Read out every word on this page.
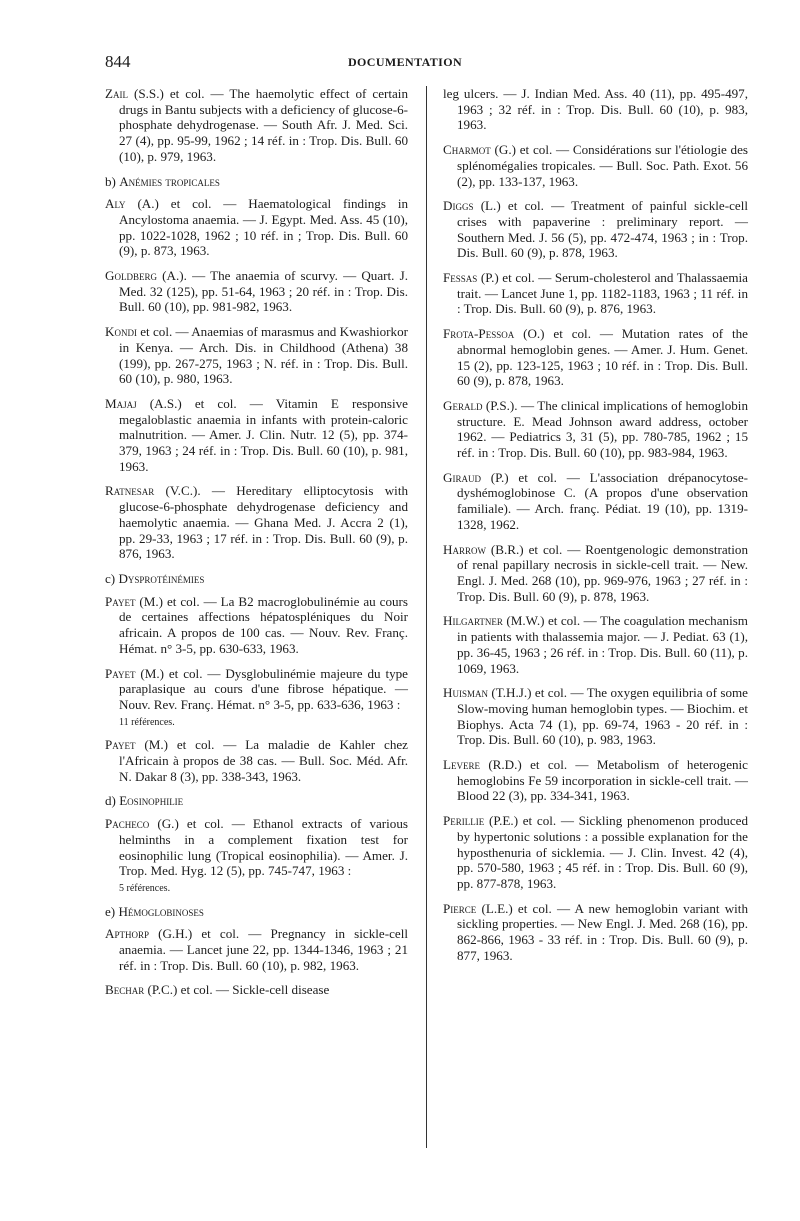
844	DOCUMENTATION
Zail (S.S.) et col. — The haemolytic effect of certain drugs in Bantu subjects with a deficiency of glucose-6-phosphate dehydrogenase. — South Afr. J. Med. Sci. 27 (4), pp. 95-99, 1962 ; 14 réf. in : Trop. Dis. Bull. 60 (10), p. 979, 1963.
b) Anémies tropicales
Aly (A.) et col. — Haematological findings in Ancylostoma anaemia. — J. Egypt. Med. Ass. 45 (10), pp. 1022-1028, 1962 ; 10 réf. in ; Trop. Dis. Bull. 60 (9), p. 873, 1963.
Goldberg (A.). — The anaemia of scurvy. — Quart. J. Med. 32 (125), pp. 51-64, 1963 ; 20 réf. in : Trop. Dis. Bull. 60 (10), pp. 981-982, 1963.
Kondi et col. — Anaemias of marasmus and Kwashiorkor in Kenya. — Arch. Dis. in Childhood (Athena) 38 (199), pp. 267-275, 1963 ; N. réf. in : Trop. Dis. Bull. 60 (10), p. 980, 1963.
Majaj (A.S.) et col. — Vitamin E responsive megaloblastic anaemia in infants with protein-caloric malnutrition. — Amer. J. Clin. Nutr. 12 (5), pp. 374-379, 1963 ; 24 réf. in : Trop. Dis. Bull. 60 (10), p. 981, 1963.
Ratnesar (V.C.). — Hereditary elliptocytosis with glucose-6-phosphate dehydrogenase deficiency and haemolytic anaemia. — Ghana Med. J. Accra 2 (1), pp. 29-33, 1963 ; 17 réf. in : Trop. Dis. Bull. 60 (9), p. 876, 1963.
c) Dysprotéinémies
Payet (M.) et col. — La B2 macroglobulinémie au cours de certaines affections hépatospléniques du Noir africain. A propos de 100 cas. — Nouv. Rev. Franç. Hémat. n° 3-5, pp. 630-633, 1963.
Payet (M.) et col. — Dysglobulinémie majeure du type paraplasique au cours d'une fibrose hépatique. — Nouv. Rev. Franç. Hémat. n° 3-5, pp. 633-636, 1963 :
11 références.
Payet (M.) et col. — La maladie de Kahler chez l'Africain à propos de 38 cas. — Bull. Soc. Méd. Afr. N. Dakar 8 (3), pp. 338-343, 1963.
d) Eosinophilie
Pacheco (G.) et col. — Ethanol extracts of various helminths in a complement fixation test for eosinophilic lung (Tropical eosinophilia). — Amer. J. Trop. Med. Hyg. 12 (5), pp. 745-747, 1963 :
5 références.
e) Hémoglobinoses
Apthorp (G.H.) et col. — Pregnancy in sickle-cell anaemia. — Lancet june 22, pp. 1344-1346, 1963 ; 21 réf. in : Trop. Dis. Bull. 60 (10), p. 982, 1963.
Bechar (P.C.) et col. — Sickle-cell disease
leg ulcers. — J. Indian Med. Ass. 40 (11), pp. 495-497, 1963 ; 32 réf. in : Trop. Dis. Bull. 60 (10), p. 983, 1963.
Charmot (G.) et col. — Considérations sur l'étiologie des splénomégalies tropicales. — Bull. Soc. Path. Exot. 56 (2), pp. 133-137, 1963.
Diggs (L.) et col. — Treatment of painful sickle-cell crises with papaverine : preliminary report. — Southern Med. J. 56 (5), pp. 472-474, 1963 ; in : Trop. Dis. Bull. 60 (9), p. 878, 1963.
Fessas (P.) et col. — Serum-cholesterol and Thalassaemia trait. — Lancet June 1, pp. 1182-1183, 1963 ; 11 réf. in : Trop. Dis. Bull. 60 (9), p. 876, 1963.
Frota-Pessoa (O.) et col. — Mutation rates of the abnormal hemoglobin genes. — Amer. J. Hum. Genet. 15 (2), pp. 123-125, 1963 ; 10 réf. in : Trop. Dis. Bull. 60 (9), p. 878, 1963.
Gerald (P.S.). — The clinical implications of hemoglobin structure. E. Mead Johnson award address, october 1962. — Pediatrics 3, 31 (5), pp. 780-785, 1962 ; 15 réf. in : Trop. Dis. Bull. 60 (10), pp. 983-984, 1963.
Giraud (P.) et col. — L'association drépanocytose-dyshémoglobinose C. (A propos d'une observation familiale). — Arch. franç. Pédiat. 19 (10), pp. 1319-1328, 1962.
Harrow (B.R.) et col. — Roentgenologic demonstration of renal papillary necrosis in sickle-cell trait. — New. Engl. J. Med. 268 (10), pp. 969-976, 1963 ; 27 réf. in : Trop. Dis. Bull. 60 (9), p. 878, 1963.
Hilgartner (M.W.) et col. — The coagulation mechanism in patients with thalassemia major. — J. Pediat. 63 (1), pp. 36-45, 1963 ; 26 réf. in : Trop. Dis. Bull. 60 (11), p. 1069, 1963.
Huisman (T.H.J.) et col. — The oxygen equilibria of some Slow-moving human hemoglobin types. — Biochim. et Biophys. Acta 74 (1), pp. 69-74, 1963 - 20 réf. in : Trop. Dis. Bull. 60 (10), p. 983, 1963.
Levere (R.D.) et col. — Metabolism of heterogenic hemoglobins Fe 59 incorporation in sickle-cell trait. — Blood 22 (3), pp. 334-341, 1963.
Perillie (P.E.) et col. — Sickling phenomenon produced by hypertonic solutions : a possible explanation for the hyposthenuria of sicklemia. — J. Clin. Invest. 42 (4), pp. 570-580, 1963 ; 45 réf. in : Trop. Dis. Bull. 60 (9), pp. 877-878, 1963.
Pierce (L.E.) et col. — A new hemoglobin variant with sickling properties. — New Engl. J. Med. 268 (16), pp. 862-866, 1963 - 33 réf. in : Trop. Dis. Bull. 60 (9), p. 877, 1963.
